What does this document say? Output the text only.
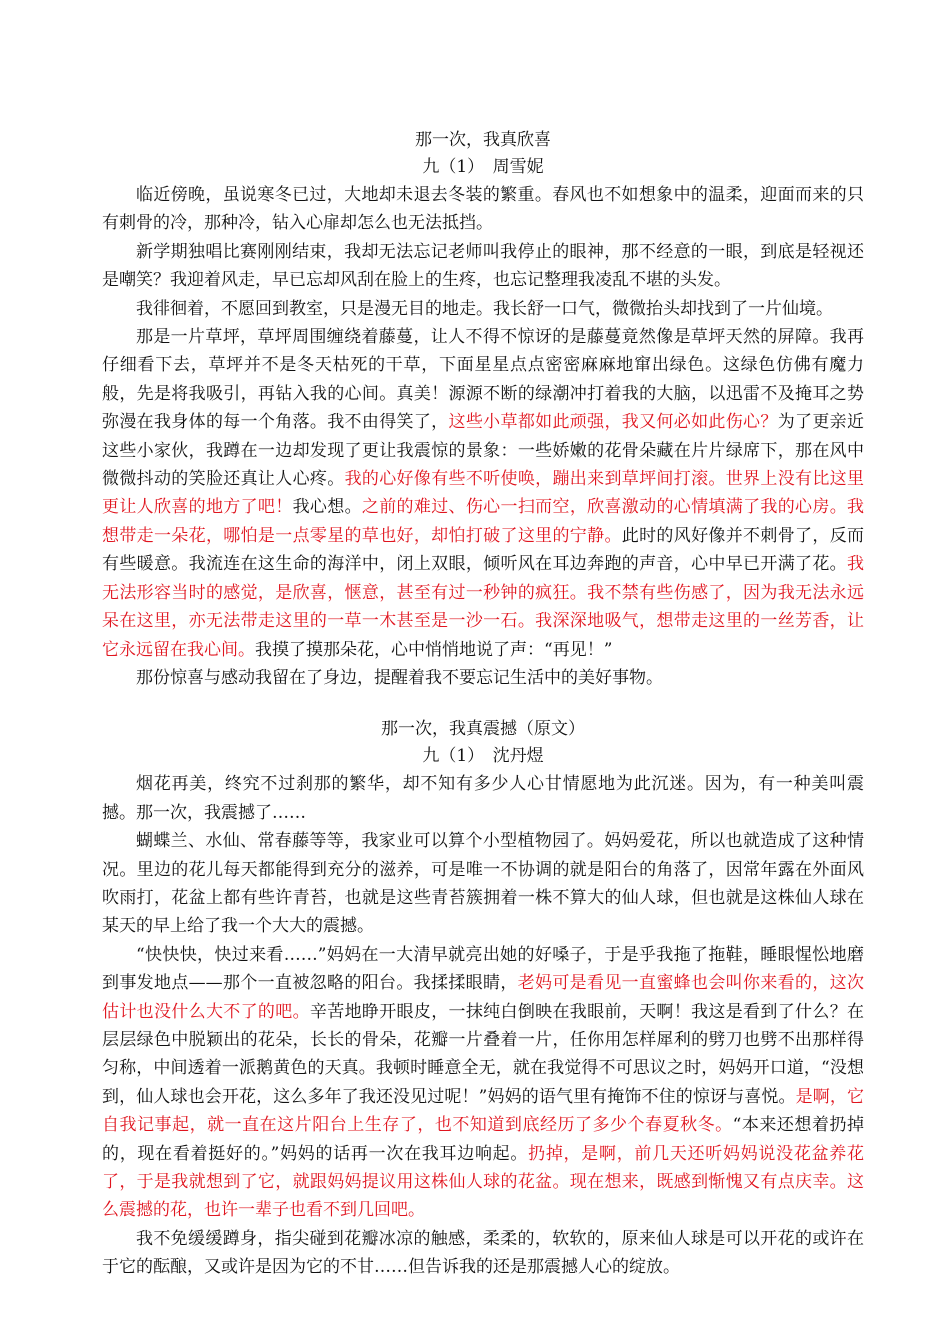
那一次，我真欣喜
九（1）　周雪妮

临近傍晚，虽说寒冬已过，大地却未退去冬装的繁重。春风也不如想象中的温柔，迎面而来的只有刺骨的冷，那种冷，钻入心扉却怎么也无法抵挡。

新学期独唱比赛刚刚结束，我却无法忘记老师叫我停止的眼神，那不经意的一眼，到底是轻视还是嘲笑？我迎着风走，早已忘却风刮在脸上的生疼，也忘记整理我凌乱不堪的头发。

我徘徊着，不愿回到教室，只是漫无目的地走。我长舒一口气，微微抬头却找到了一片仙境。

那是一片草坪，草坪周围缠绕着藤蔓，让人不得不惊讶的是藤蔓竟然像是草坪天然的屏障。我再仔细看下去，草坪并不是冬天枯死的干草，下面星星点点密密麻麻地窜出绿色。这绿色仿佛有魔力般，先是将我吸引，再钻入我的心间。真美！源源不断的绿潮冲打着我的大脑，以迅雷不及掩耳之势弥漫在我身体的每一个角落。我不由得笑了，这些小草都如此顽强，我又何必如此伤心？为了更亲近这些小家伙，我蹲在一边却发现了更让我震惊的景象：一些娇嫩的花骨朵藏在片片绿席下，那在风中微微抖动的笑脸还真让人心疼。我的心好像有些不听使唤，蹦出来到草坪间打滚。世界上没有比这里更让人欣喜的地方了吧！我心想。之前的难过、伤心一扫而空，欣喜激动的心情填满了我的心房。我想带走一朵花，哪怕是一点零星的草也好，却怕打破了这里的宁静。此时的风好像并不刺骨了，反而有些暖意。我流连在这生命的海洋中，闭上双眼，倾听风在耳边奔跑的声音，心中早已开满了花。我无法形容当时的感觉，是欣喜，惬意，甚至有过一秒钟的疯狂。我不禁有些伤感了，因为我无法永远呆在这里，亦无法带走这里的一草一木甚至是一沙一石。我深深地吸气，想带走这里的一丝芳香，让它永远留在我心间。我摸了摸那朵花，心中悄悄地说了声：“再见！”

那份惊喜与感动我留在了身边，提醒着我不要忘记生活中的美好事物。

那一次，我真震撼（原文）
九（1）　沈丹煜

烟花再美，终究不过刹那的繁华，却不知有多少人心甘情愿地为此沉迷。因为，有一种美叫震撼。那一次，我震撼了……

蝴蝶兰、水仙、常春藤等等，我家业可以算个小型植物园了。妈妈爱花，所以也就造成了这种情况。里边的花儿每天都能得到充分的滋养，可是唯一不协调的就是阳台的角落了，因常年露在外面风吹雨打，花盆上都有些许青苔，也就是这些青苔簇拥着一株不算大的仙人球，但也就是这株仙人球在某天的早上给了我一个大大的震撼。

“快快快，快过来看……”妈妈在一大清早就亮出她的好嗓子，于是乎我拖了拖鞋，睡眼惺忪地磨到事发地点——那个一直被忽略的阳台。我揉揉眼睛，老妈可是看见一直蜜蜂也会叫你来看的，这次估计也没什么大不了的吧。辛苦地睁开眼皮，一抹纯白倒映在我眼前，天啊！我这是看到了什么？在层层绿色中脱颖出的花朵，长长的骨朵，花瓣一片叠着一片，任你用怎样犀利的劈刀也劈不出那样得匀称，中间透着一派鹅黄色的天真。我顿时睡意全无，就在我觉得不可思议之时，妈妈开口道，“没想到，仙人球也会开花，这么多年了我还没见过呢！”妈妈的语气里有掩饰不住的惊讶与喜悦。是啊，它自我记事起，就一直在这片阳台上生存了，也不知道到底经历了多少个春夏秋冬。“本来还想着扔掉的，现在看着挺好的。”妈妈的话再一次在我耳边响起。扔掉，是啊，前几天还听妈妈说没花盆养花了，于是我就想到了它，就跟妈妈提议用这株仙人球的花盆。现在想来，既感到惭愧又有点庆幸。这么震撼的花，也许一辈子也看不到几回吧。

我不免缓缓蹲身，指尖碰到花瓣冰凉的触感，柔柔的，软软的，原来仙人球是可以开花的或许在于它的酝酿，又或许是因为它的不甘……但告诉我的还是那震撼人心的绽放。
